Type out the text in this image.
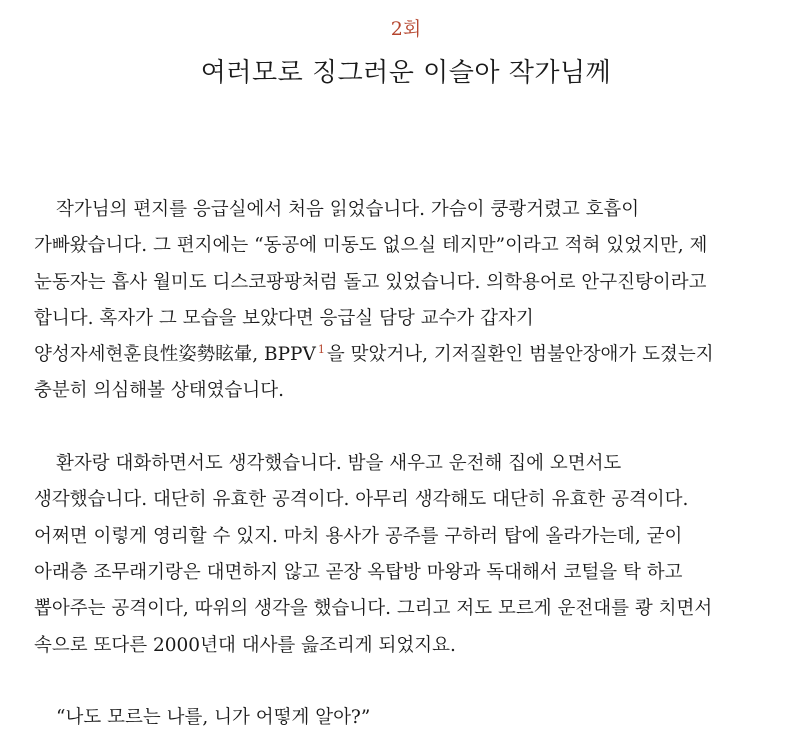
2회
여러모로 징그러운 이슬아 작가님께
작가님의 편지를 응급실에서 처음 읽었습니다. 가슴이 쿵쾅거렸고 호흡이
가빠왔습니다. 그 편지에는 “동공에 미동도 없으실 테지만”이라고 적혀 있었지만, 제
눈동자는 흡사 월미도 디스코팡팡처럼 돌고 있었습니다. 의학용어로 안구진탕이라고
합니다. 혹자가 그 모습을 보았다면 응급실 담당 교수가 갑자기
양성자세현훈良性姿勢眩暈, BPPV $^1$ 을 맞았거나, 기저질환인 범불안장애가 도졌는지
충분히 의심해볼 상태였습니다.
환자랑 대화하면서도 생각했습니다. 밤을 새우고 운전해 집에 오면서도
생각했습니다. 대단히 유효한 공격이다. 아무리 생각해도 대단히 유효한 공격이다.
어쩌면 이렇게 영리할 수 있지. 마치 용사가 공주를 구하러 탑에 올라가는데, 굳이
아래층 조무래기랑은 대면하지 않고 곧장 옥탑방 마왕과 독대해서 코털을 탁 하고
뽑아주는 공격이다, 따위의 생각을 했습니다. 그리고 저도 모르게 운전대를 쾅 치면서
속으로 또다른 2000년대 대사를 읊조리게 되었지요.
“나도 모르는 나를, 니가 어떻게 알아?”
